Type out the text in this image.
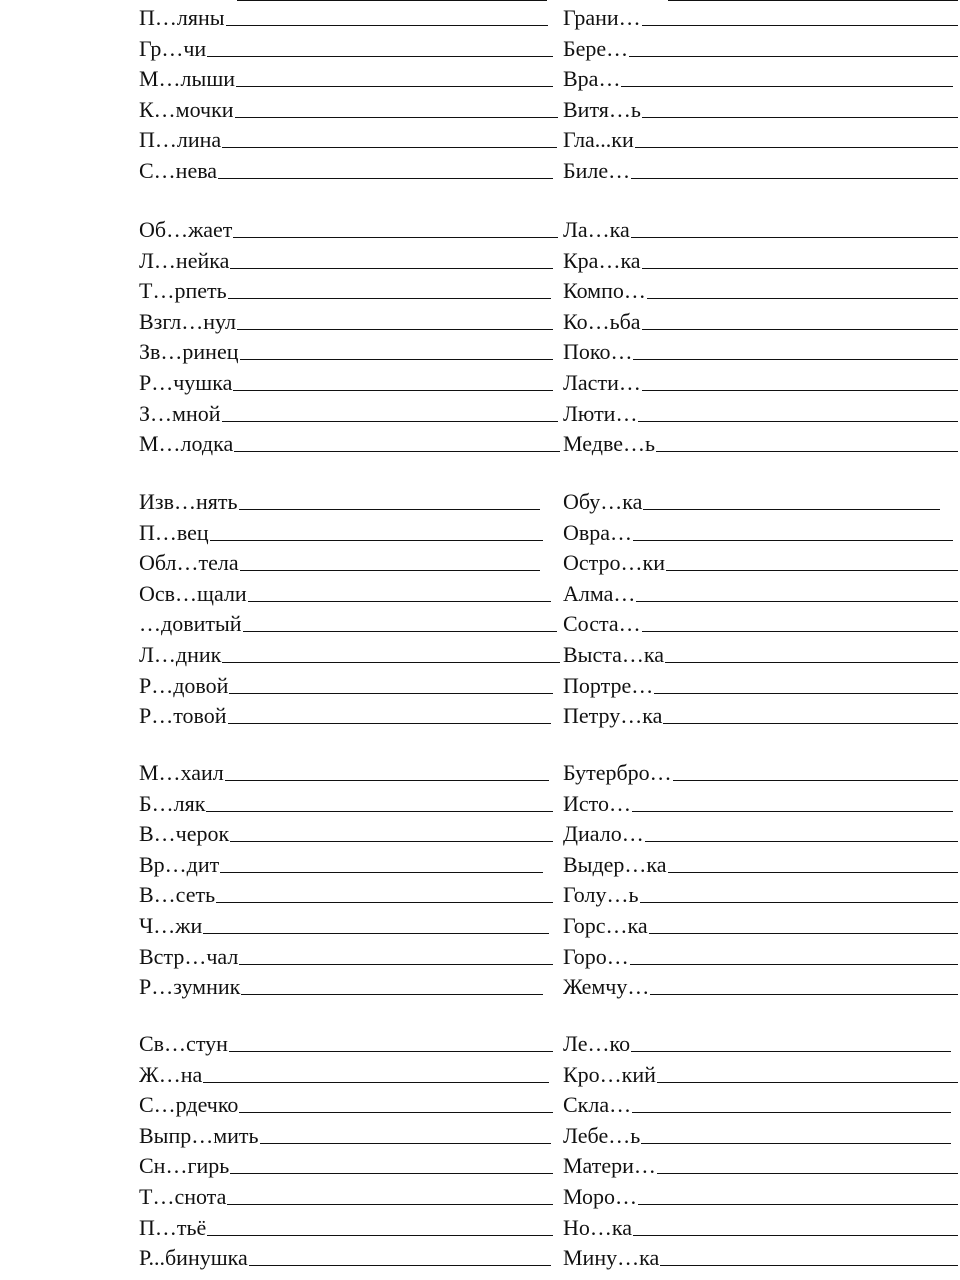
П…ляны
Гр…чи
М…лыши
К…мочки
П…лина
С…нева
Об…жает
Л…нейка
Т…рпеть
Взгл…нул
Зв…ринец
Р…чушка
З…мной
М…лодка
Изв…нять
П…вец
Обл…тела
Осв…щали
…довитый
Л…дник
Р…довой
Р…товой
М…хаил
Б…ляк
В…черок
Вр…дит
В…сеть
Ч…жи
Встр…чал
Р…зумник
Св…стун
Ж…на
С…рдечко
Выпр…мить
Сн…гирь
Т…снота
П…тьё
Р...бинушка
Грани…
Бере…
Вра…
Витя…ь
Гла...ки
Биле…
Ла…ка
Кра…ка
Компо…
Ко…ьба
Поко…
Ласти…
Люти…
Медве…ь
Обу…ка
Овра…
Остро…ки
Алма…
Соста…
Выста…ка
Портре…
Петру…ка
Бутербро…
Исто…
Диало…
Выдер…ка
Голу…ь
Горс…ка
Горо…
Жемчу…
Ле…ко
Кро…кий
Скла…
Лебе…ь
Матери…
Моро…
Но…ка
Мину…ка
